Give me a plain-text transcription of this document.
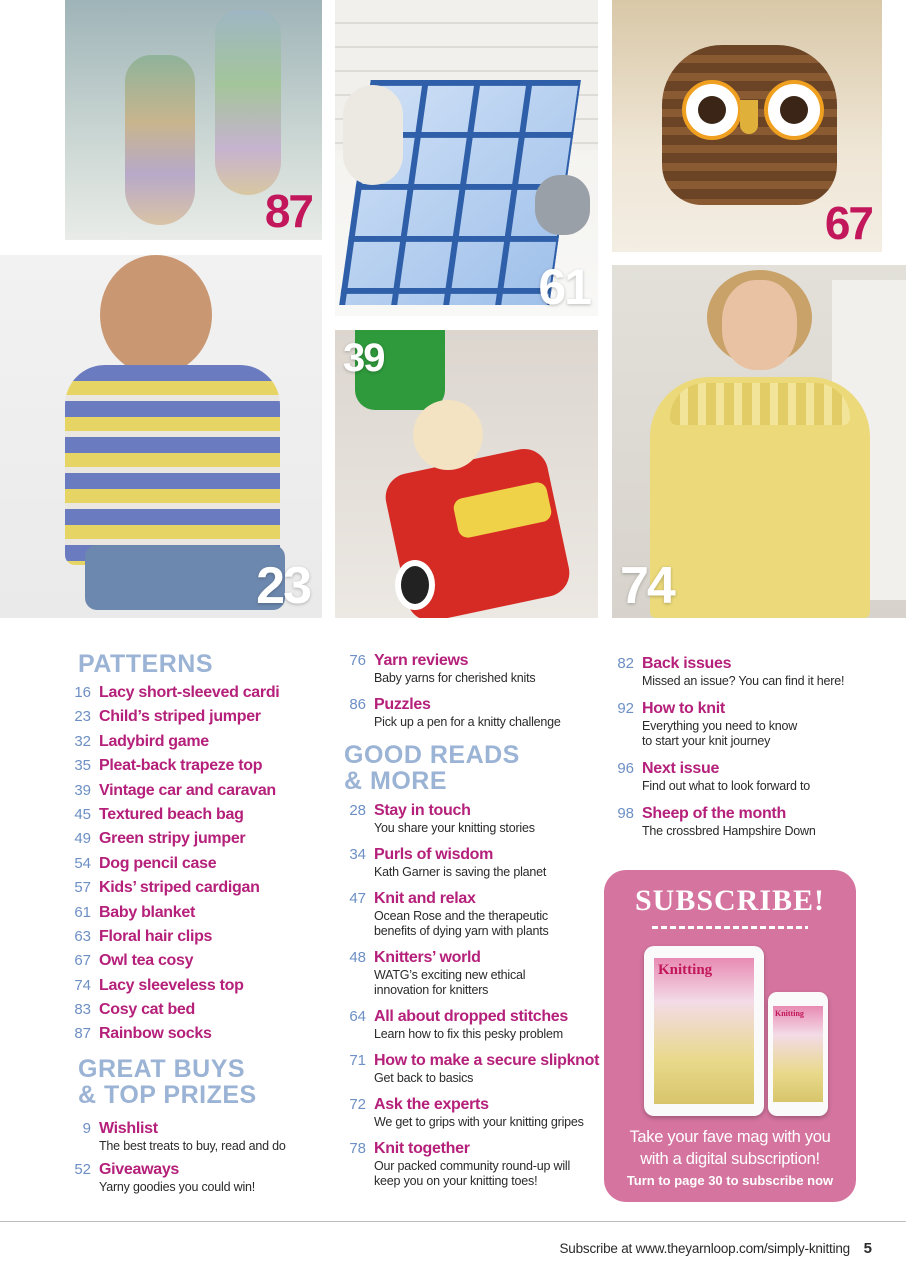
87
61
67
23
39
74
PATTERNS
16 Lacy short-sleeved cardi
23 Child’s striped jumper
32 Ladybird game
35 Pleat-back trapeze top
39 Vintage car and caravan
45 Textured beach bag
49 Green stripy jumper
54 Dog pencil case
57 Kids’ striped cardigan
61 Baby blanket
63 Floral hair clips
67 Owl tea cosy
74 Lacy sleeveless top
83 Cosy cat bed
87 Rainbow socks
GREAT BUYS
& TOP PRIZES
9 Wishlist
The best treats to buy, read and do
52 Giveaways
Yarny goodies you could win!
76 Yarn reviews
Baby yarns for cherished knits
86 Puzzles
Pick up a pen for a knitty challenge
GOOD READS
& MORE
28 Stay in touch
You share your knitting stories
34 Purls of wisdom
Kath Garner is saving the planet
47 Knit and relax
Ocean Rose and the therapeutic
benefits of dying yarn with plants
48 Knitters’ world
WATG’s exciting new ethical
innovation for knitters
64 All about dropped stitches
Learn how to fix this pesky problem
71 How to make a secure slipknot
Get back to basics
72 Ask the experts
We get to grips with your knitting gripes
78 Knit together
Our packed community round-up will
keep you on your knitting toes!
82 Back issues
Missed an issue? You can find it here!
92 How to knit
Everything you need to know
to start your knit journey
96 Next issue
Find out what to look forward to
98 Sheep of the month
The crossbred Hampshire Down
SUBSCRIBE!
Knitting
Knitting
Take your fave mag with you
with a digital subscription!
Turn to page 30 to subscribe now
Subscribe at www.theyarnloop.com/simply-knitting 5
